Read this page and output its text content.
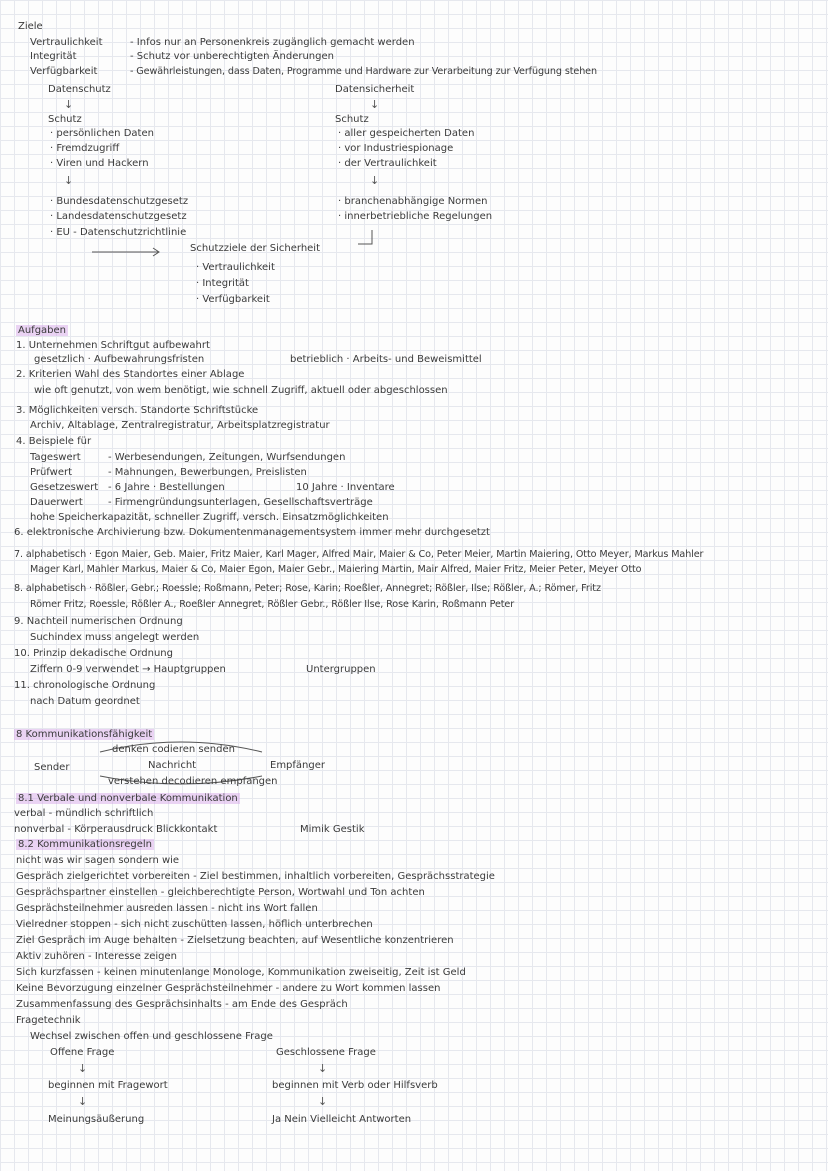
Ziele
Vertraulichkeit	- Infos nur an Personenkreis zugänglich gemacht werden
Integrität	- Schutz vor unberechtigten Änderungen
Verfügbarkeit	- Gewährleistungen, dass Daten, Programme und Hardware zur Verarbeitung zur Verfügung stehen
Datenschutz
↓
Schutz
· persönlichen Daten
· Fremdzugriff
· Viren und Hackern
↓
· Bundesdatenschutzgesetz
· Landesdatenschutzgesetz
· EU - Datenschutzrichtlinie
Datensicherheit
↓
Schutz
· aller gespeicherten Daten
· vor Industriespionage
· der Vertraulichkeit
↓
· branchenabhängige Normen
· innerbetriebliche Regelungen
Schutzziele der Sicherheit
· Vertraulichkeit
· Integrität
· Verfügbarkeit
Aufgaben
1. Unternehmen Schriftgut aufbewahrt
gesetzlich · Aufbewahrungsfristen	betrieblich · Arbeits- und Beweismittel
2. Kriterien Wahl des Standortes einer Ablage
wie oft genutzt, von wem benötigt, wie schnell Zugriff, aktuell oder abgeschlossen
3. Möglichkeiten versch. Standorte Schriftstücke
Archiv, Altablage, Zentralregistratur, Arbeitsplatzregistratur
4. Beispiele für
Tageswert	- Werbesendungen, Zeitungen, Wurfsendungen
Prüfwert	- Mahnungen, Bewerbungen, Preislisten
Gesetzeswert - 6 Jahre · Bestellungen	10 Jahre · Inventare
Dauerwert	- Firmengründungsunterlagen, Gesellschaftsverträge
hohe Speicherkapazität, schneller Zugriff, versch. Einsatzmöglichkeiten
6. elektronische Archivierung bzw. Dokumentenmanagementsystem immer mehr durchgesetzt
7. alphabetisch · Egon Maier, Geb. Maier, Fritz Maier, Karl Mager, Alfred Mair, Maier & Co, Peter Meier, Martin Maiering, Otto Meyer, Markus Mahler
Mager Karl, Mahler Markus, Maier & Co, Maier Egon, Maier Gebr., Maiering Martin, Mair Alfred, Maier Fritz, Meier Peter, Meyer Otto
8. alphabetisch · Rößler, Gebr.; Roessle; Roßmann, Peter; Rose, Karin; Roeßler, Annegret; Rößler, Ilse; Rößler, A.; Römer, Fritz
Römer Fritz, Roessle, Rößler A., Roeßler Annegret, Rößler Gebr., Rößler Ilse, Rose Karin, Roßmann Peter
9. Nachteil numerischen Ordnung
Suchindex muss angelegt werden
10. Prinzip dekadische Ordnung
Ziffern 0-9 verwendet → Hauptgruppen	Untergruppen
11. chronologische Ordnung
nach Datum geordnet
8 Kommunikationsfähigkeit
denken codieren senden
Sender	Nachricht	Empfänger
verstehen decodieren empfangen
8.1 Verbale und nonverbale Kommunikation
verbal - mündlich schriftlich
nonverbal - Körperausdruck Blickkontakt	Mimik Gestik
8.2 Kommunikationsregeln
nicht was wir sagen sondern wie
Gespräch zielgerichtet vorbereiten - Ziel bestimmen, inhaltlich vorbereiten, Gesprächsstrategie
Gesprächspartner einstellen - gleichberechtigte Person, Wortwahl und Ton achten
Gesprächsteilnehmer ausreden lassen - nicht ins Wort fallen
Vielredner stoppen - sich nicht zuschütten lassen, höflich unterbrechen
Ziel Gespräch im Auge behalten - Zielsetzung beachten, auf Wesentliche konzentrieren
Aktiv zuhören - Interesse zeigen
Sich kurzfassen - keinen minutenlange Monologe, Kommunikation zweiseitig, Zeit ist Geld
Keine Bevorzugung einzelner Gesprächsteilnehmer - andere zu Wort kommen lassen
Zusammenfassung des Gesprächsinhalts - am Ende des Gespräch
Fragetechnik
Wechsel zwischen offen und geschlossene Frage
Offene Frage	Geschlossene Frage
↓	↓
beginnen mit Fragewort	beginnen mit Verb oder Hilfsverb
↓	↓
Meinungsäußerung	Ja Nein Vielleicht Antworten
